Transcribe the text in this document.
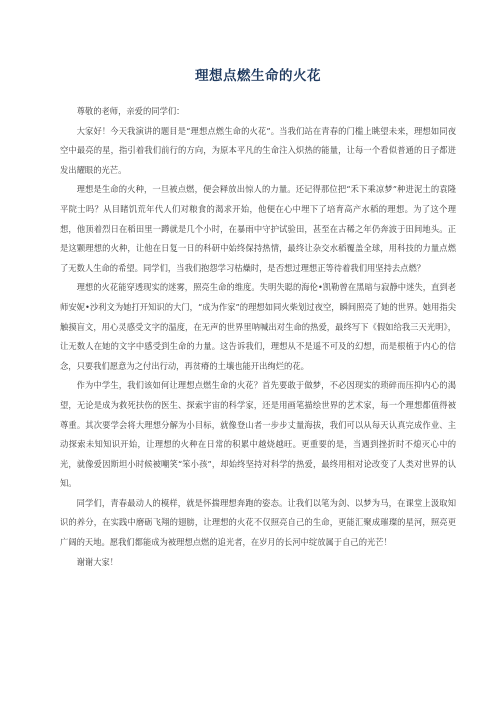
理想点燃生命的火花

尊敬的老师，亲爱的同学们：

大家好！今天我演讲的题目是“理想点燃生命的火花”。当我们站在青春的门槛上眺望未来，理想如同夜空中最亮的星，指引着我们前行的方向，为原本平凡的生命注入炽热的能量，让每一个看似普通的日子都迸发出耀眼的光芒。

理想是生命的火种，一旦被点燃，便会释放出惊人的力量。还记得那位把“禾下乘凉梦”种进泥土的袁隆平院士吗？从目睹饥荒年代人们对粮食的渴求开始，他便在心中埋下了培育高产水稻的理想。为了这个理想，他顶着烈日在稻田里一蹲就是几个小时，在暴雨中守护试验田，甚至在古稀之年仍奔波于田间地头。正是这颗理想的火种，让他在日复一日的科研中始终保持热情，最终让杂交水稻覆盖全球，用科技的力量点燃了无数人生命的希望。同学们，当我们抱怨学习枯燥时，是否想过理想正等待着我们用坚持去点燃？

理想的火花能穿透现实的迷雾，照亮生命的维度。失明失聪的海伦•凯勒曾在黑暗与寂静中迷失，直到老师安妮•沙利文为她打开知识的大门，“成为作家”的理想如同火柴划过夜空，瞬间照亮了她的世界。她用指尖触摸盲文，用心灵感受文字的温度，在无声的世界里呐喊出对生命的热爱，最终写下《假如给我三天光明》，让无数人在她的文字中感受到生命的力量。这告诉我们，理想从不是遥不可及的幻想，而是根植于内心的信念，只要我们愿意为之付出行动，再贫瘠的土壤也能开出绚烂的花。

作为中学生，我们该如何让理想点燃生命的火花？首先要敢于做梦，不必因现实的琐碎而压抑内心的渴望，无论是成为救死扶伤的医生、探索宇宙的科学家，还是用画笔描绘世界的艺术家，每一个理想都值得被尊重。其次要学会将大理想分解为小目标，就像登山者一步步丈量海拔，我们可以从每天认真完成作业、主动探索未知知识开始，让理想的火种在日常的积累中越烧越旺。更重要的是，当遇到挫折时不熄灭心中的光，就像爱因斯坦小时候被嘲笑“笨小孩”，却始终坚持对科学的热爱，最终用相对论改变了人类对世界的认知。

同学们，青春最动人的模样，就是怀揣理想奔跑的姿态。让我们以笔为剑、以梦为马，在课堂上汲取知识的养分，在实践中磨砺飞翔的翅膀，让理想的火花不仅照亮自己的生命，更能汇聚成璀璨的星河，照亮更广阔的天地。愿我们都能成为被理想点燃的追光者，在岁月的长河中绽放属于自己的光芒！

谢谢大家！
